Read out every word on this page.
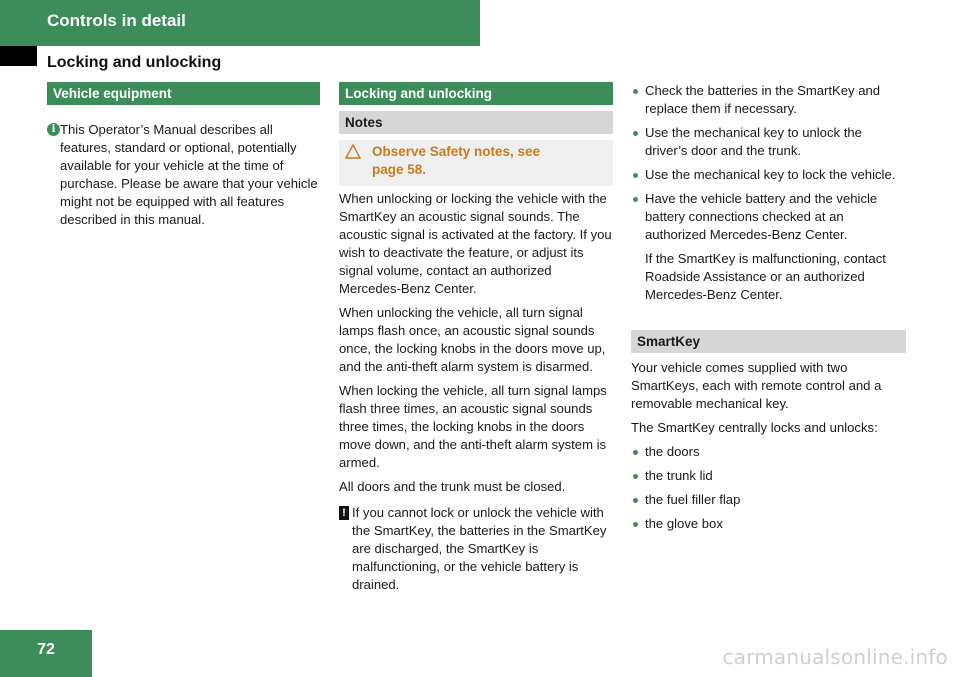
Controls in detail
Locking and unlocking
Vehicle equipment
i This Operator’s Manual describes all features, standard or optional, potentially available for your vehicle at the time of purchase. Please be aware that your vehicle might not be equipped with all features described in this manual.

Locking and unlocking
Notes
Observe Safety notes, see
page 58.

When unlocking or locking the vehicle with the SmartKey an acoustic signal sounds. The acoustic signal is activated at the factory. If you wish to deactivate the feature, or adjust its signal volume, contact an authorized Mercedes-Benz Center.

When unlocking the vehicle, all turn signal lamps flash once, an acoustic signal sounds once, the locking knobs in the doors move up, and the anti-theft alarm system is disarmed.

When locking the vehicle, all turn signal lamps flash three times, an acoustic signal sounds three times, the locking knobs in the doors move down, and the anti-theft alarm system is armed.

All doors and the trunk must be closed.

! If you cannot lock or unlock the vehicle with the SmartKey, the batteries in the SmartKey are discharged, the SmartKey is malfunctioning, or the vehicle battery is drained.

Check the batteries in the SmartKey and replace them if necessary.
Use the mechanical key to unlock the driver’s door and the trunk.
Use the mechanical key to lock the vehicle.
Have the vehicle battery and the vehicle battery connections checked at an authorized Mercedes-Benz Center.

If the SmartKey is malfunctioning, contact Roadside Assistance or an authorized Mercedes-Benz Center.

SmartKey

Your vehicle comes supplied with two SmartKeys, each with remote control and a removable mechanical key.

The SmartKey centrally locks and unlocks:

the doors
the trunk lid
the fuel filler flap
the glove box
72	carmanualsonline.info
